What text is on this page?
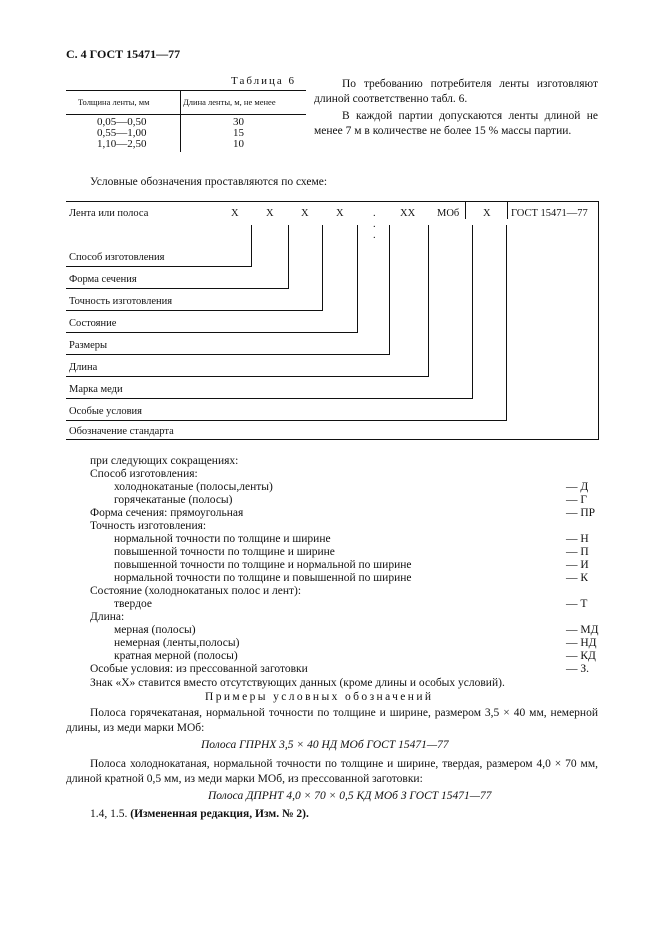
С. 4 ГОСТ 15471—77
Таблица 6
Толщина ленты, мм	Длина ленты, м, не менее
0,05—0,50	30
0,55—1,00	15
1,10—2,50	10
По требованию потребителя ленты изготовляют длиной соответственно табл. 6.
В каждой партии допускаются ленты длиной не менее 7 м в количестве не более 15 % массы партии.
Условные обозначения проставляются по схеме:
Лента или полоса	Х	Х	Х	Х	.
.
.
ХХ МОб Х ГОСТ 15471—77
Способ изготовления
Форма сечения
Точность изготовления
Состояние
Размеры
Длина
Марка меди
Особые условия
Обозначение стандарта
при следующих сокращениях:
Способ изготовления:
холоднокатаные (полосы,ленты)	— Д
горячекатаные (полосы)	— Г
Форма сечения: прямоугольная	— ПР
Точность изготовления:
нормальной точности по толщине и ширине	— Н
повышенной точности по толщине и ширине	— П
повышенной точности по толщине и нормальной по ширине	— И
нормальной точности по толщине и повышенной по ширине	— К
Состояние (холоднокатаных полос и лент):
твердое	— Т
Длина:
мерная (полосы)	— МД
немерная (ленты,полосы)	— НД
кратная мерной (полосы)	— КД
Особые условия: из прессованной заготовки	— З.
Знак «Х» ставится вместо отсутствующих данных (кроме длины и особых условий).
Примеры условных обозначений
Полоса горячекатаная, нормальной точности по толщине и ширине, размером 3,5 × 40 мм, немерной длины, из меди марки МОб:
Полоса ГПРНХ 3,5 × 40 НД МОб ГОСТ 15471—77
Полоса холоднокатаная, нормальной точности по толщине и ширине, твердая, размером 4,0 × 70 мм, длиной кратной 0,5 мм, из меди марки МОб, из прессованной заготовки:
Полоса ДПРНТ 4,0 × 70 × 0,5 КД МОб З ГОСТ 15471—77
1.4, 1.5. (Измененная редакция, Изм. № 2).
